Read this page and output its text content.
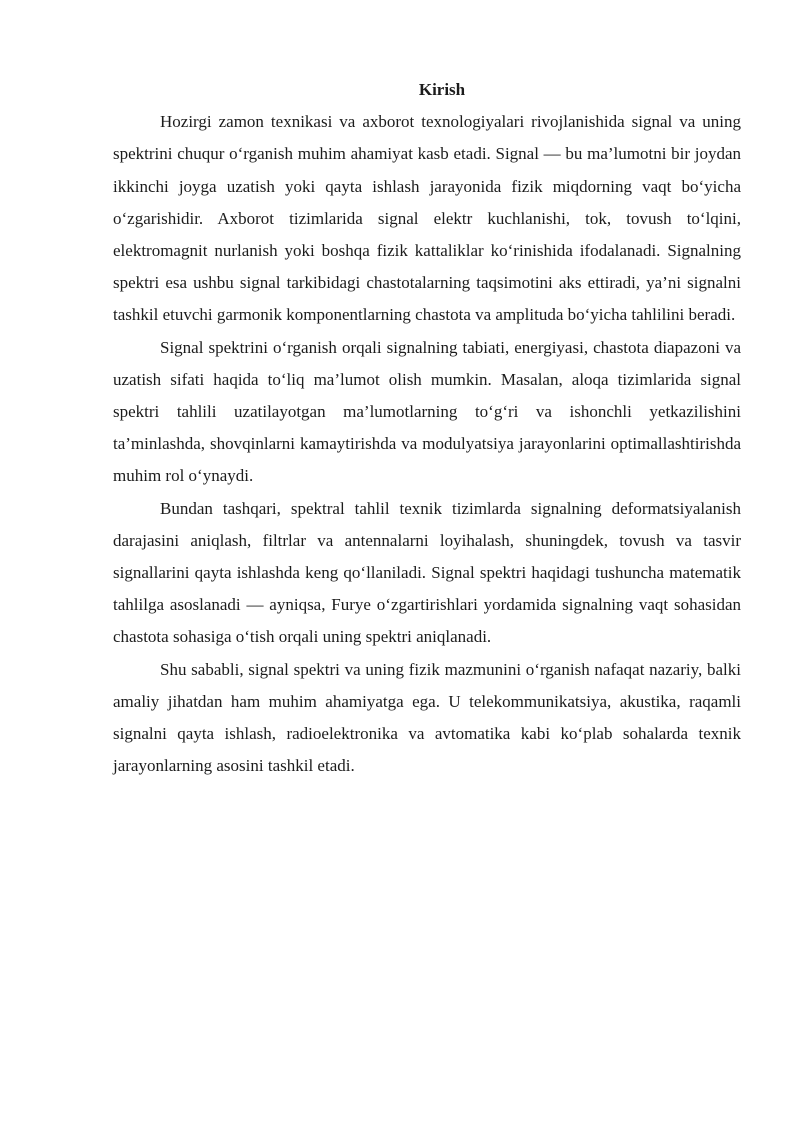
Kirish

Hozirgi zamon texnikasi va axborot texnologiyalari rivojlanishida signal va uning spektrini chuqur o‘rganish muhim ahamiyat kasb etadi. Signal — bu ma’lumotni bir joydan ikkinchi joyga uzatish yoki qayta ishlash jarayonida fizik miqdorning vaqt bo‘yicha o‘zgarishidir. Axborot tizimlarida signal elektr kuchlanishi, tok, tovush to‘lqini, elektromagnit nurlanish yoki boshqa fizik kattaliklar ko‘rinishida ifodalanadi. Signalning spektri esa ushbu signal tarkibidagi chastotalarning taqsimotini aks ettiradi, ya’ni signalni tashkil etuvchi garmonik komponentlarning chastota va amplituda bo‘yicha tahlilini beradi.

Signal spektrini o‘rganish orqali signalning tabiati, energiyasi, chastota diapazoni va uzatish sifati haqida to‘liq ma’lumot olish mumkin. Masalan, aloqa tizimlarida signal spektri tahlili uzatilayotgan ma’lumotlarning to‘g‘ri va ishonchli yetkazilishini ta’minlashda, shovqinlarni kamaytirishda va modulyatsiya jarayonlarini optimallashtirishda muhim rol o‘ynaydi.

Bundan tashqari, spektral tahlil texnik tizimlarda signalning deformatsiyalanish darajasini aniqlash, filtrlar va antennalarni loyihalash, shuningdek, tovush va tasvir signallarini qayta ishlashda keng qo‘llaniladi. Signal spektri haqidagi tushuncha matematik tahlilga asoslanadi — ayniqsa, Furye o‘zgartirishlari yordamida signalning vaqt sohasidan chastota sohasiga o‘tish orqali uning spektri aniqlanadi.

Shu sababli, signal spektri va uning fizik mazmunini o‘rganish nafaqat nazariy, balki amaliy jihatdan ham muhim ahamiyatga ega. U telekommunikatsiya, akustika, raqamli signalni qayta ishlash, radioelektronika va avtomatika kabi ko‘plab sohalarda texnik jarayonlarning asosini tashkil etadi.
